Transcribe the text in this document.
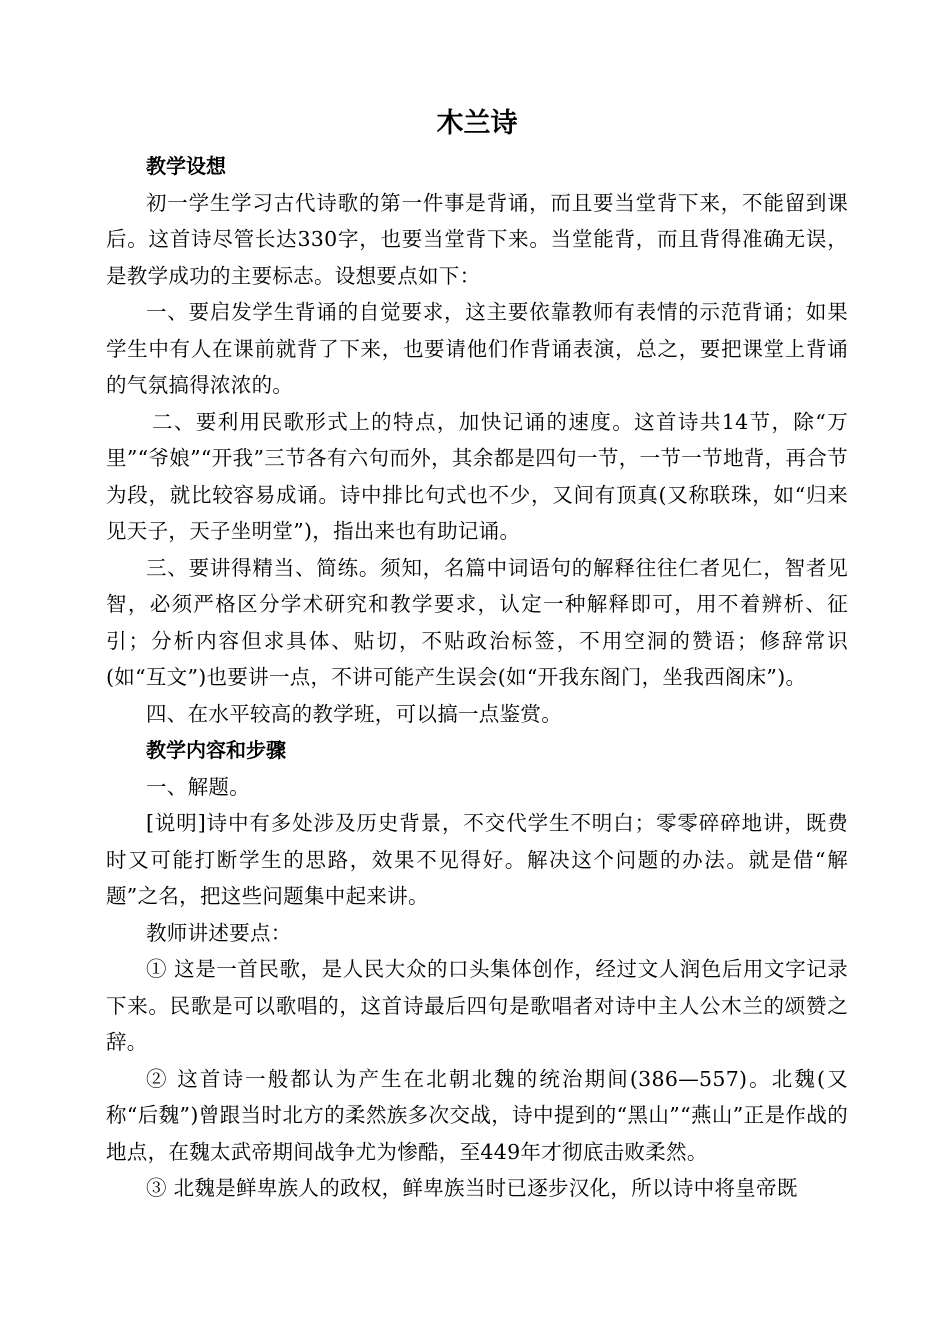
木兰诗
教学设想

初一学生学习古代诗歌的第一件事是背诵，而且要当堂背下来，不能留到课后。这首诗尽管长达330字，也要当堂背下来。当堂能背，而且背得准确无误，是教学成功的主要标志。设想要点如下：

一、要启发学生背诵的自觉要求，这主要依靠教师有表情的示范背诵；如果学生中有人在课前就背了下来，也要请他们作背诵表演，总之，要把课堂上背诵的气氛搞得浓浓的。

二、要利用民歌形式上的特点，加快记诵的速度。这首诗共14节，除“万里”“爷娘”“开我”三节各有六句而外，其余都是四句一节，一节一节地背，再合节为段，就比较容易成诵。诗中排比句式也不少，又间有顶真(又称联珠，如“归来见天子，天子坐明堂”)，指出来也有助记诵。

三、要讲得精当、简练。须知，名篇中词语句的解释往往仁者见仁，智者见智，必须严格区分学术研究和教学要求，认定一种解释即可，用不着辨析、征引；分析内容但求具体、贴切，不贴政治标签，不用空洞的赞语；修辞常识(如“互文”)也要讲一点，不讲可能产生误会(如“开我东阁门，坐我西阁床”)。

四、在水平较高的教学班，可以搞一点鉴赏。

教学内容和步骤

一、解题。

[说明]诗中有多处涉及历史背景，不交代学生不明白；零零碎碎地讲，既费时又可能打断学生的思路，效果不见得好。解决这个问题的办法。就是借“解题”之名，把这些问题集中起来讲。

教师讲述要点：

① 这是一首民歌，是人民大众的口头集体创作，经过文人润色后用文字记录下来。民歌是可以歌唱的，这首诗最后四句是歌唱者对诗中主人公木兰的颂赞之辞。

② 这首诗一般都认为产生在北朝北魏的统治期间(386—557)。北魏(又称“后魏”)曾跟当时北方的柔然族多次交战，诗中提到的“黑山”“燕山”正是作战的地点，在魏太武帝期间战争尤为惨酷，至449年才彻底击败柔然。

③ 北魏是鲜卑族人的政权，鲜卑族当时已逐步汉化，所以诗中将皇帝既
